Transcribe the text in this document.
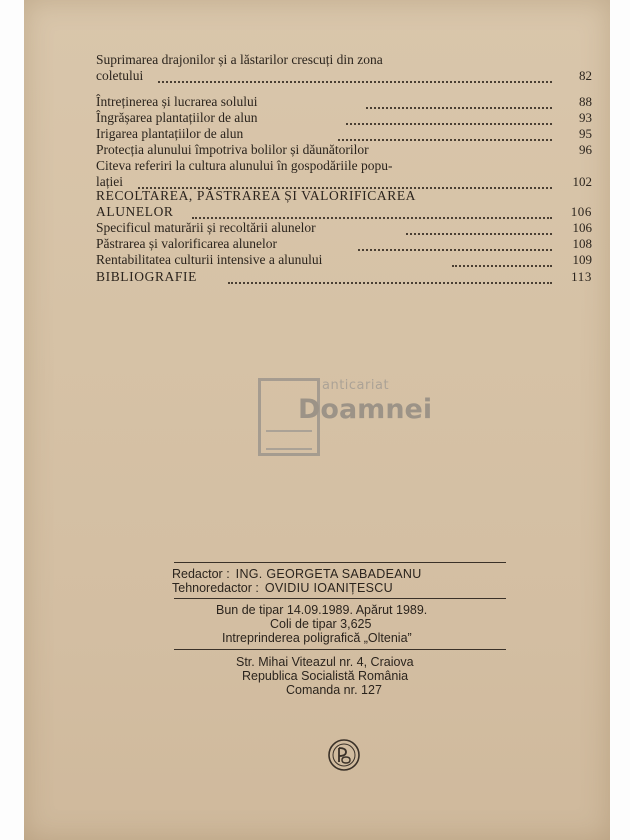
Suprimarea drajonilor și a lăstarilor crescuți din zona
coletului	82
Întreținerea și lucrarea solului	88
Îngrășarea plantațiilor de alun	93
Irigarea plantațiilor de alun	95
Protecția alunului împotriva bolilor și dăunătorilor	96
Citeva referiri la cultura alunului în gospodăriile popu-
lației	102
RECOLTAREA, PĂSTRAREA ȘI VALORIFICAREA
ALUNELOR	106
Specificul maturării și recoltării alunelor	106
Păstrarea și valorificarea alunelor	108
Rentabilitatea culturii intensive a alunului	109
BIBLIOGRAFIE	113
anticariat
Doamnei
Redactor : ING. GEORGETA SABADEANU
Tehnoredactor : OVIDIU IOANIȚESCU
Bun de tipar 14.09.1989. Apărut 1989.
Coli de tipar 3,625
Intreprinderea poligrafică „Oltenia”
Str. Mihai Viteazul nr. 4, Craiova
Republica Socialistă România
Comanda nr. 127
